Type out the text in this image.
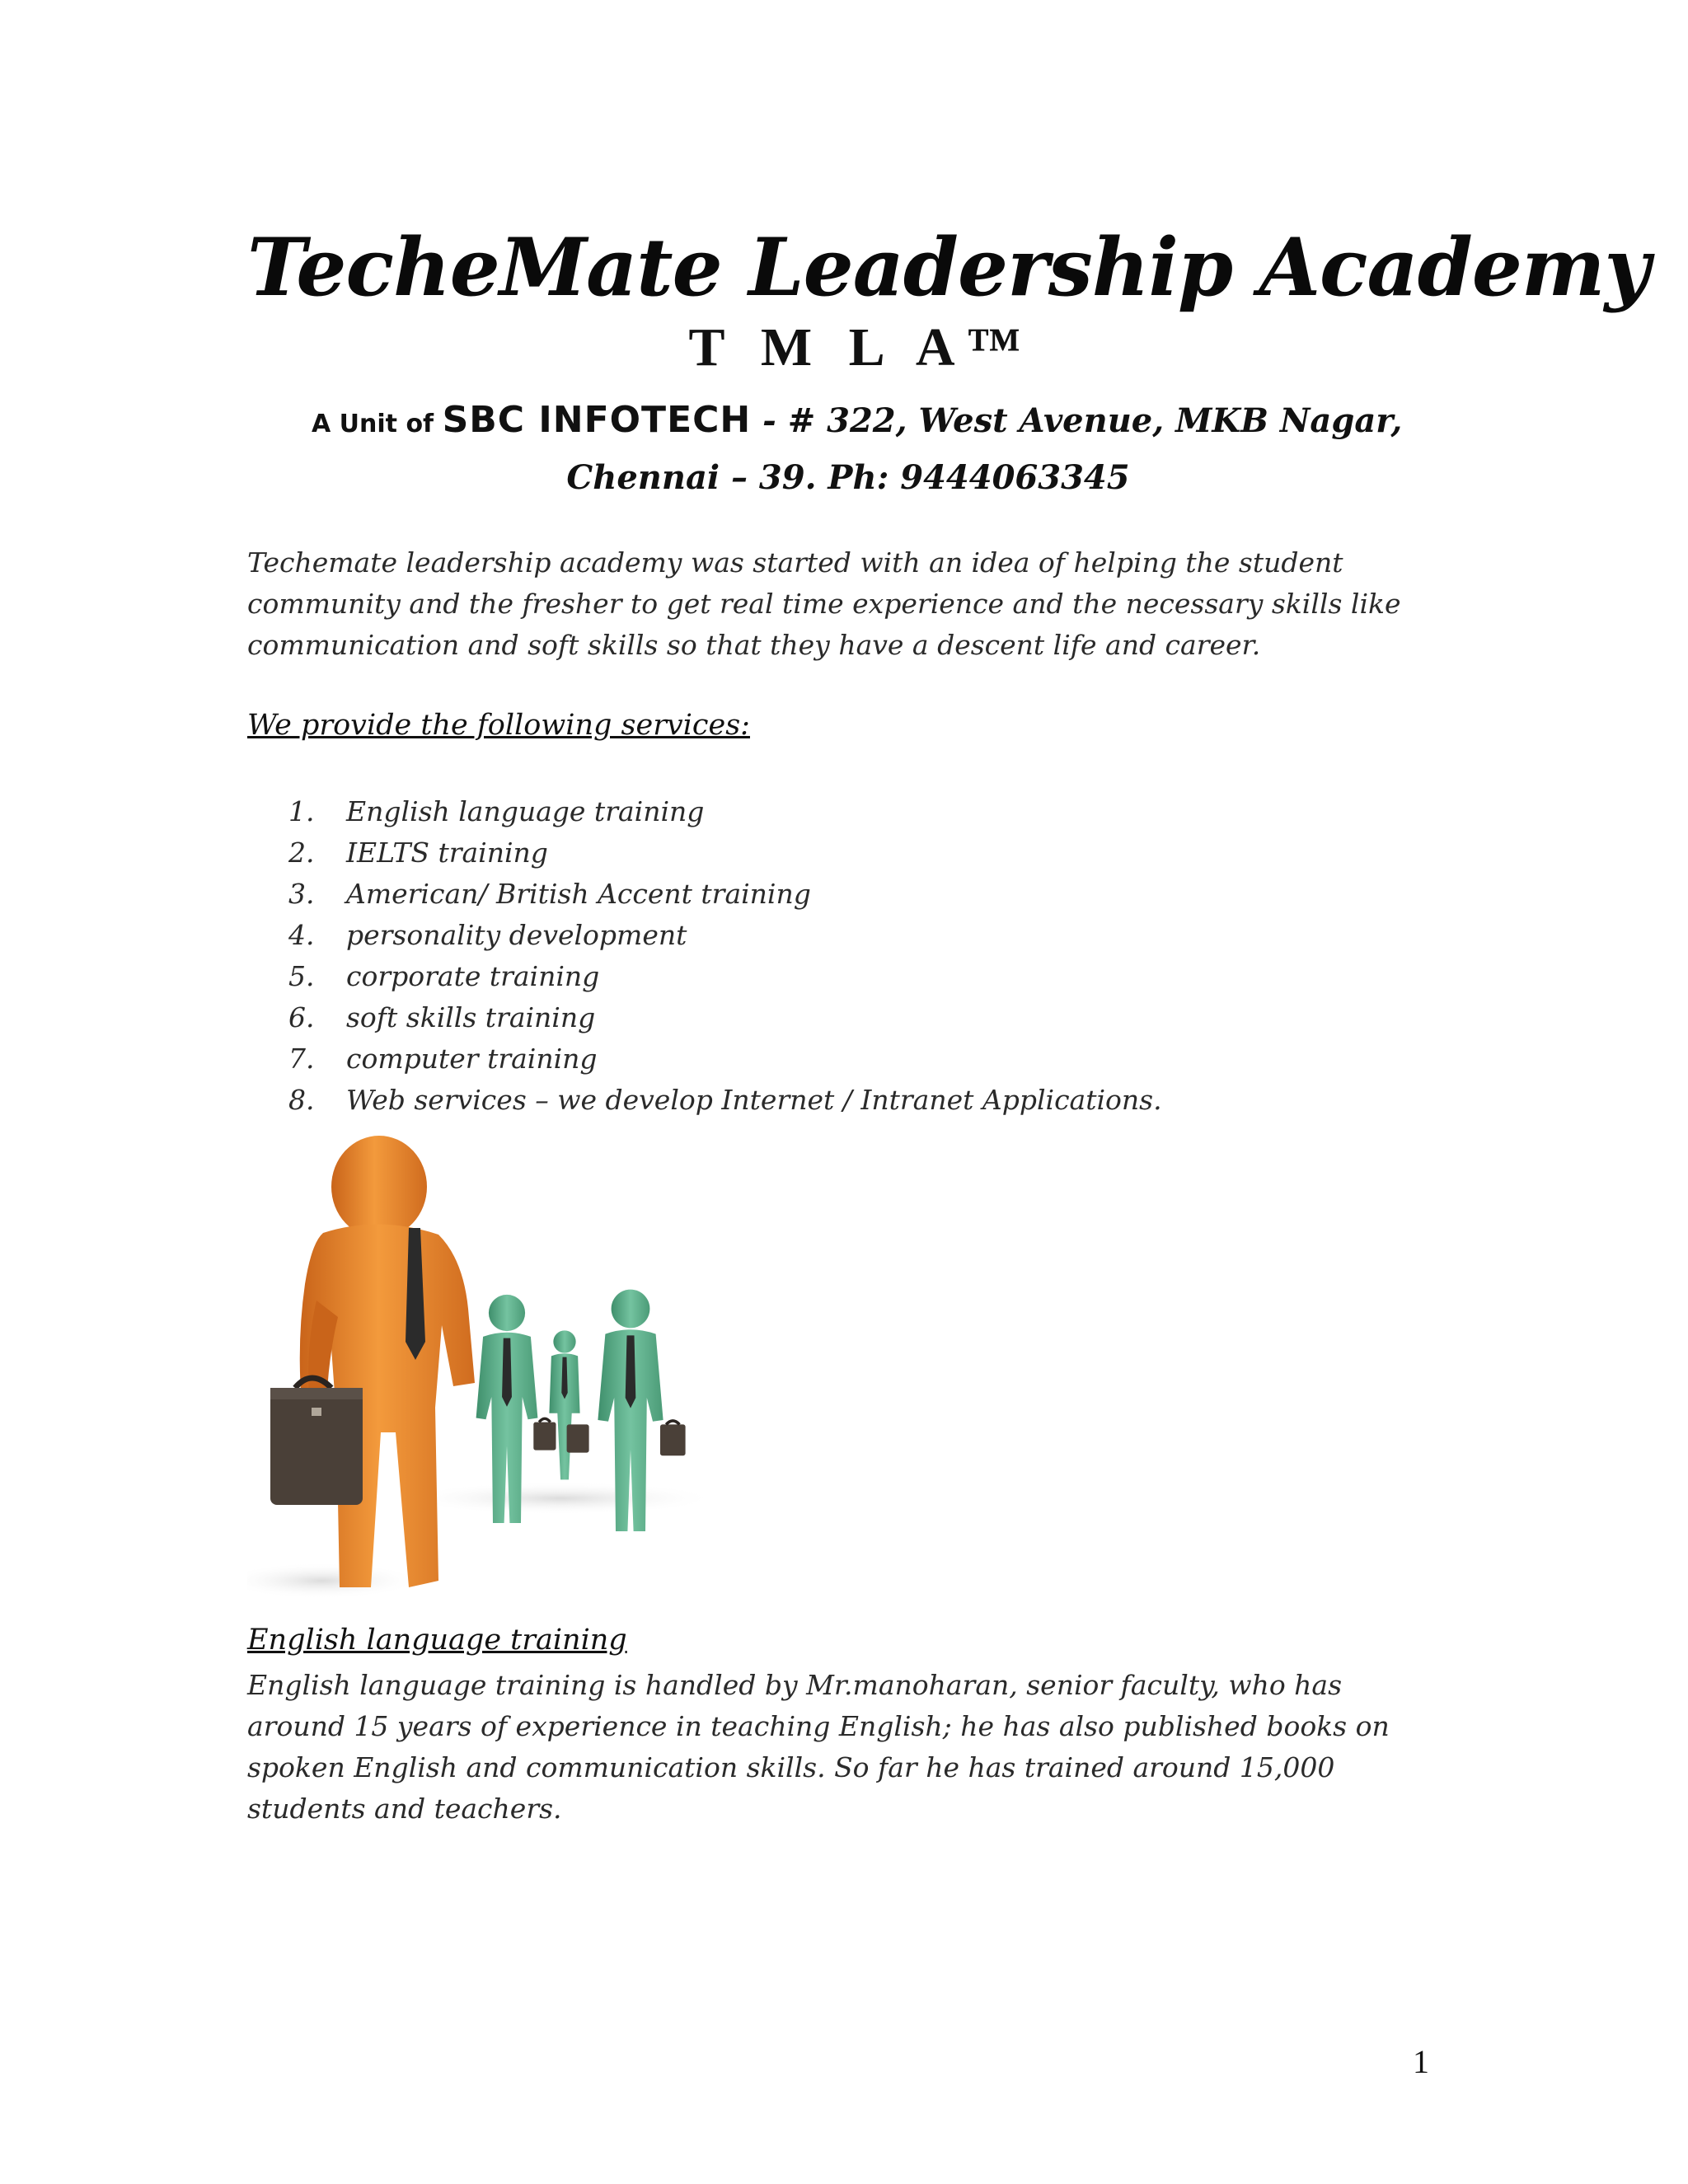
TecheMate Leadership Academy
T M L A™
A Unit of SBC INFOTECH - # 322, West Avenue, MKB Nagar,
Chennai – 39. Ph: 9444063345

Techemate leadership academy was started with an idea of helping the student community and the fresher to get real time experience and the necessary skills like communication and soft skills so that they have a descent life and career.

We provide the following services:
1.	English language training
2.	IELTS training
3.	American/ British Accent training
4.	personality development
5.	corporate training
6.	soft skills training
7.	computer training
8.	Web services – we develop Internet / Intranet Applications.
English language training

English language training is handled by Mr.manoharan, senior faculty, who has around 15 years of experience in teaching English; he has also published books on spoken English and communication skills. So far he has trained around 15,000 students and teachers.

1
